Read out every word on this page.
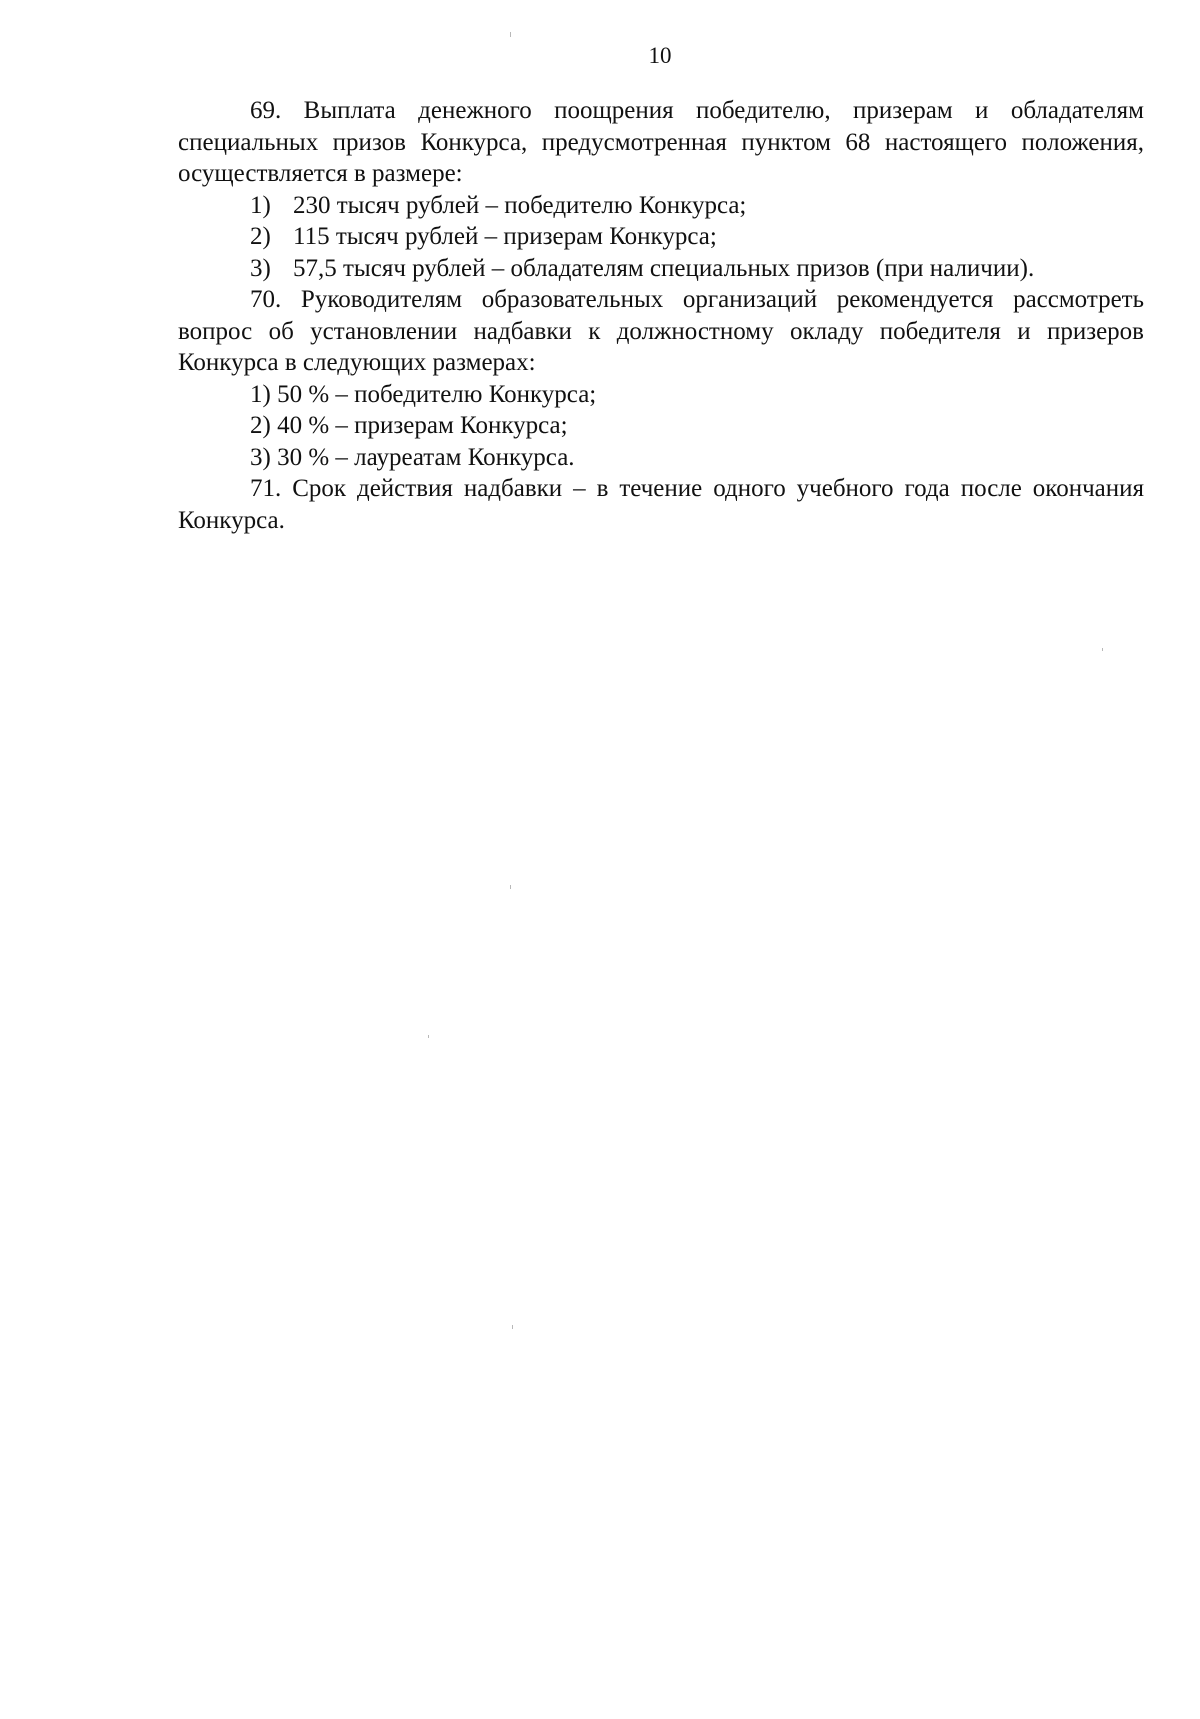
10

69. Выплата денежного поощрения победителю, призерам и обладателям специальных призов Конкурса, предусмотренная пунктом 68 настоящего положения, осуществляется в размере:

1) 230 тысяч рублей – победителю Конкурса;
2) 115 тысяч рублей – призерам Конкурса;
3) 57,5 тысяч рублей – обладателям специальных призов (при наличии).

70. Руководителям образовательных организаций рекомендуется рассмотреть вопрос об установлении надбавки к должностному окладу победителя и призеров Конкурса в следующих размерах:

1) 50 % – победителю Конкурса;
2) 40 % – призерам Конкурса;
3) 30 % – лауреатам Конкурса.

71. Срок действия надбавки – в течение одного учебного года после окончания Конкурса.
